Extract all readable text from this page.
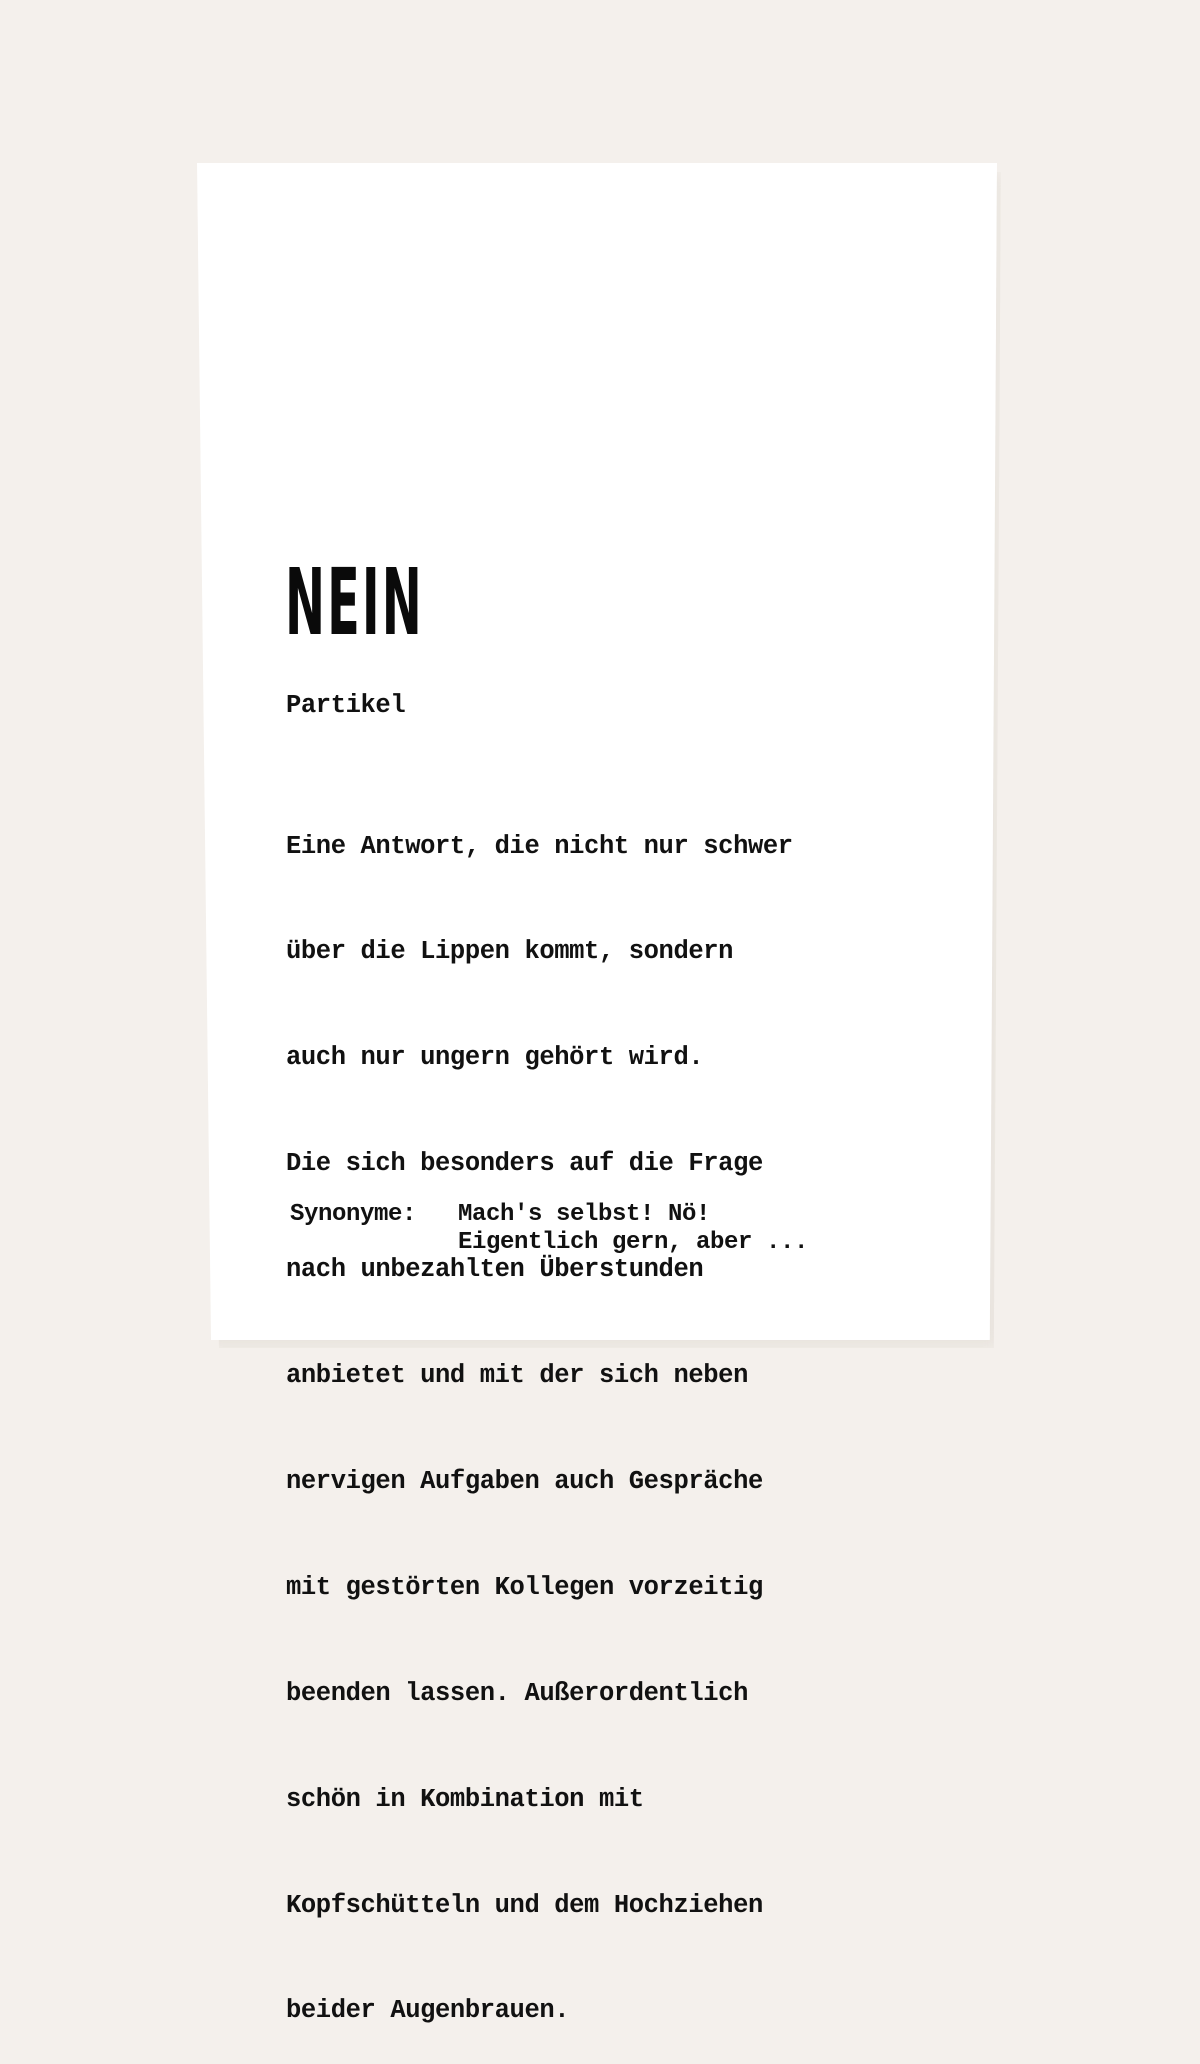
NEIN

Partikel

Eine Antwort, die nicht nur schwer

über die Lippen kommt, sondern

auch nur ungern gehört wird.

Die sich besonders auf die Frage

nach unbezahlten Überstunden

anbietet und mit der sich neben

nervigen Aufgaben auch Gespräche

mit gestörten Kollegen vorzeitig

beenden lassen. Außerordentlich

schön in Kombination mit

Kopfschütteln und dem Hochziehen

beider Augenbrauen.

Synonyme:	Mach's selbst! Nö!
Eigentlich gern, aber ...
